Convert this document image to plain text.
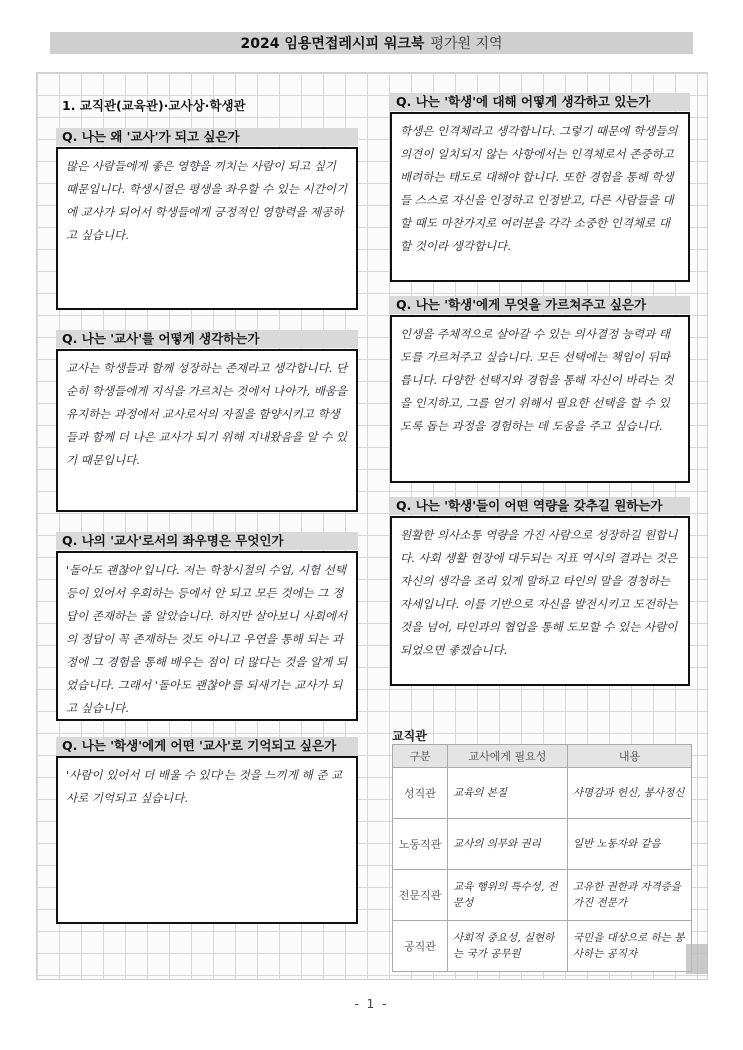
2024 임용면접레시피 워크북 평가원 지역
1. 교직관(교육관)·교사상·학생관
Q. 나는 왜 '교사'가 되고 싶은가

많은 사람들에게 좋은 영향을 끼치는 사람이 되고 싶기 때문입니다. 학생시절은 평생을 좌우할 수 있는 시간이기에 교사가 되어서 학생들에게 긍정적인 영향력을 제공하고 싶습니다.

Q. 나는 '교사'를 어떻게 생각하는가

교사는 학생들과 함께 성장하는 존재라고 생각합니다. 단순히 학생들에게 지식을 가르치는 것에서 나아가, 배움을 유지하는 과정에서 교사로서의 자질을 함양시키고 학생들과 함께 더 나은 교사가 되기 위해 지내왔음을 알 수 있기 때문입니다.

Q. 나의 '교사'로서의 좌우명은 무엇인가

'돌아도 괜찮아'입니다. 저는 학창시절의 수업, 시험 선택 등이 있어서 우회하는 등에서 안 되고 모든 것에는 그 정답이 존재하는 줄 알았습니다. 하지만 살아보니 사회에서의 정답이 꼭 존재하는 것도 아니고 우연을 통해 되는 과정에 그 경험을 통해 배우는 점이 더 많다는 것을 알게 되었습니다. 그래서 '돌아도 괜찮아'를 되새기는 교사가 되고 싶습니다.

Q. 나는 '학생'에게 어떤 '교사'로 기억되고 싶은가

'사람이 있어서 더 배울 수 있다'는 것을 느끼게 해 준 교사로 기억되고 싶습니다.

Q. 나는 '학생'에 대해 어떻게 생각하고 있는가

학생은 인격체라고 생각합니다. 그렇기 때문에 학생들의 의견이 일치되지 않는 사항에서는 인격체로서 존중하고 배려하는 태도로 대해야 합니다. 또한 경험을 통해 학생들 스스로 자신을 인정하고 인정받고, 다른 사람들을 대할 때도 마찬가지로 여러분을 각각 소중한 인격체로 대할 것이라 생각합니다.

Q. 나는 '학생'에게 무엇을 가르쳐주고 싶은가

인생을 주체적으로 살아갈 수 있는 의사결정 능력과 태도를 가르쳐주고 싶습니다. 모든 선택에는 책임이 뒤따릅니다. 다양한 선택지와 경험을 통해 자신이 바라는 것을 인지하고, 그를 얻기 위해서 필요한 선택을 할 수 있도록 돕는 과정을 경험하는 데 도움을 주고 싶습니다.

Q. 나는 '학생'들이 어떤 역량을 갖추길 원하는가

원활한 의사소통 역량을 가진 사람으로 성장하길 원합니다. 사회 생활 현장에 대두되는 지표 역시의 결과는 것은 자신의 생각을 조리 있게 말하고 타인의 말을 경청하는 자세입니다. 이를 기반으로 자신을 발전시키고 도전하는 것을 넘어, 타인과의 협업을 통해 도모할 수 있는 사람이 되었으면 좋겠습니다.

교직관
구분	교사에게 필요성	내용
성직관	교육의 본질	사명감과 헌신, 봉사정신
노동직관	교사의 의무와 권리	일반 노동자와 같음
전문직관	교육 행위의 특수성, 전문성	고유한 권한과 자격증을 가진 전문가
공직관	사회적 중요성, 실현하는 국가 공무원	국민을 대상으로 하는 봉사하는 공직자
- 1 -
